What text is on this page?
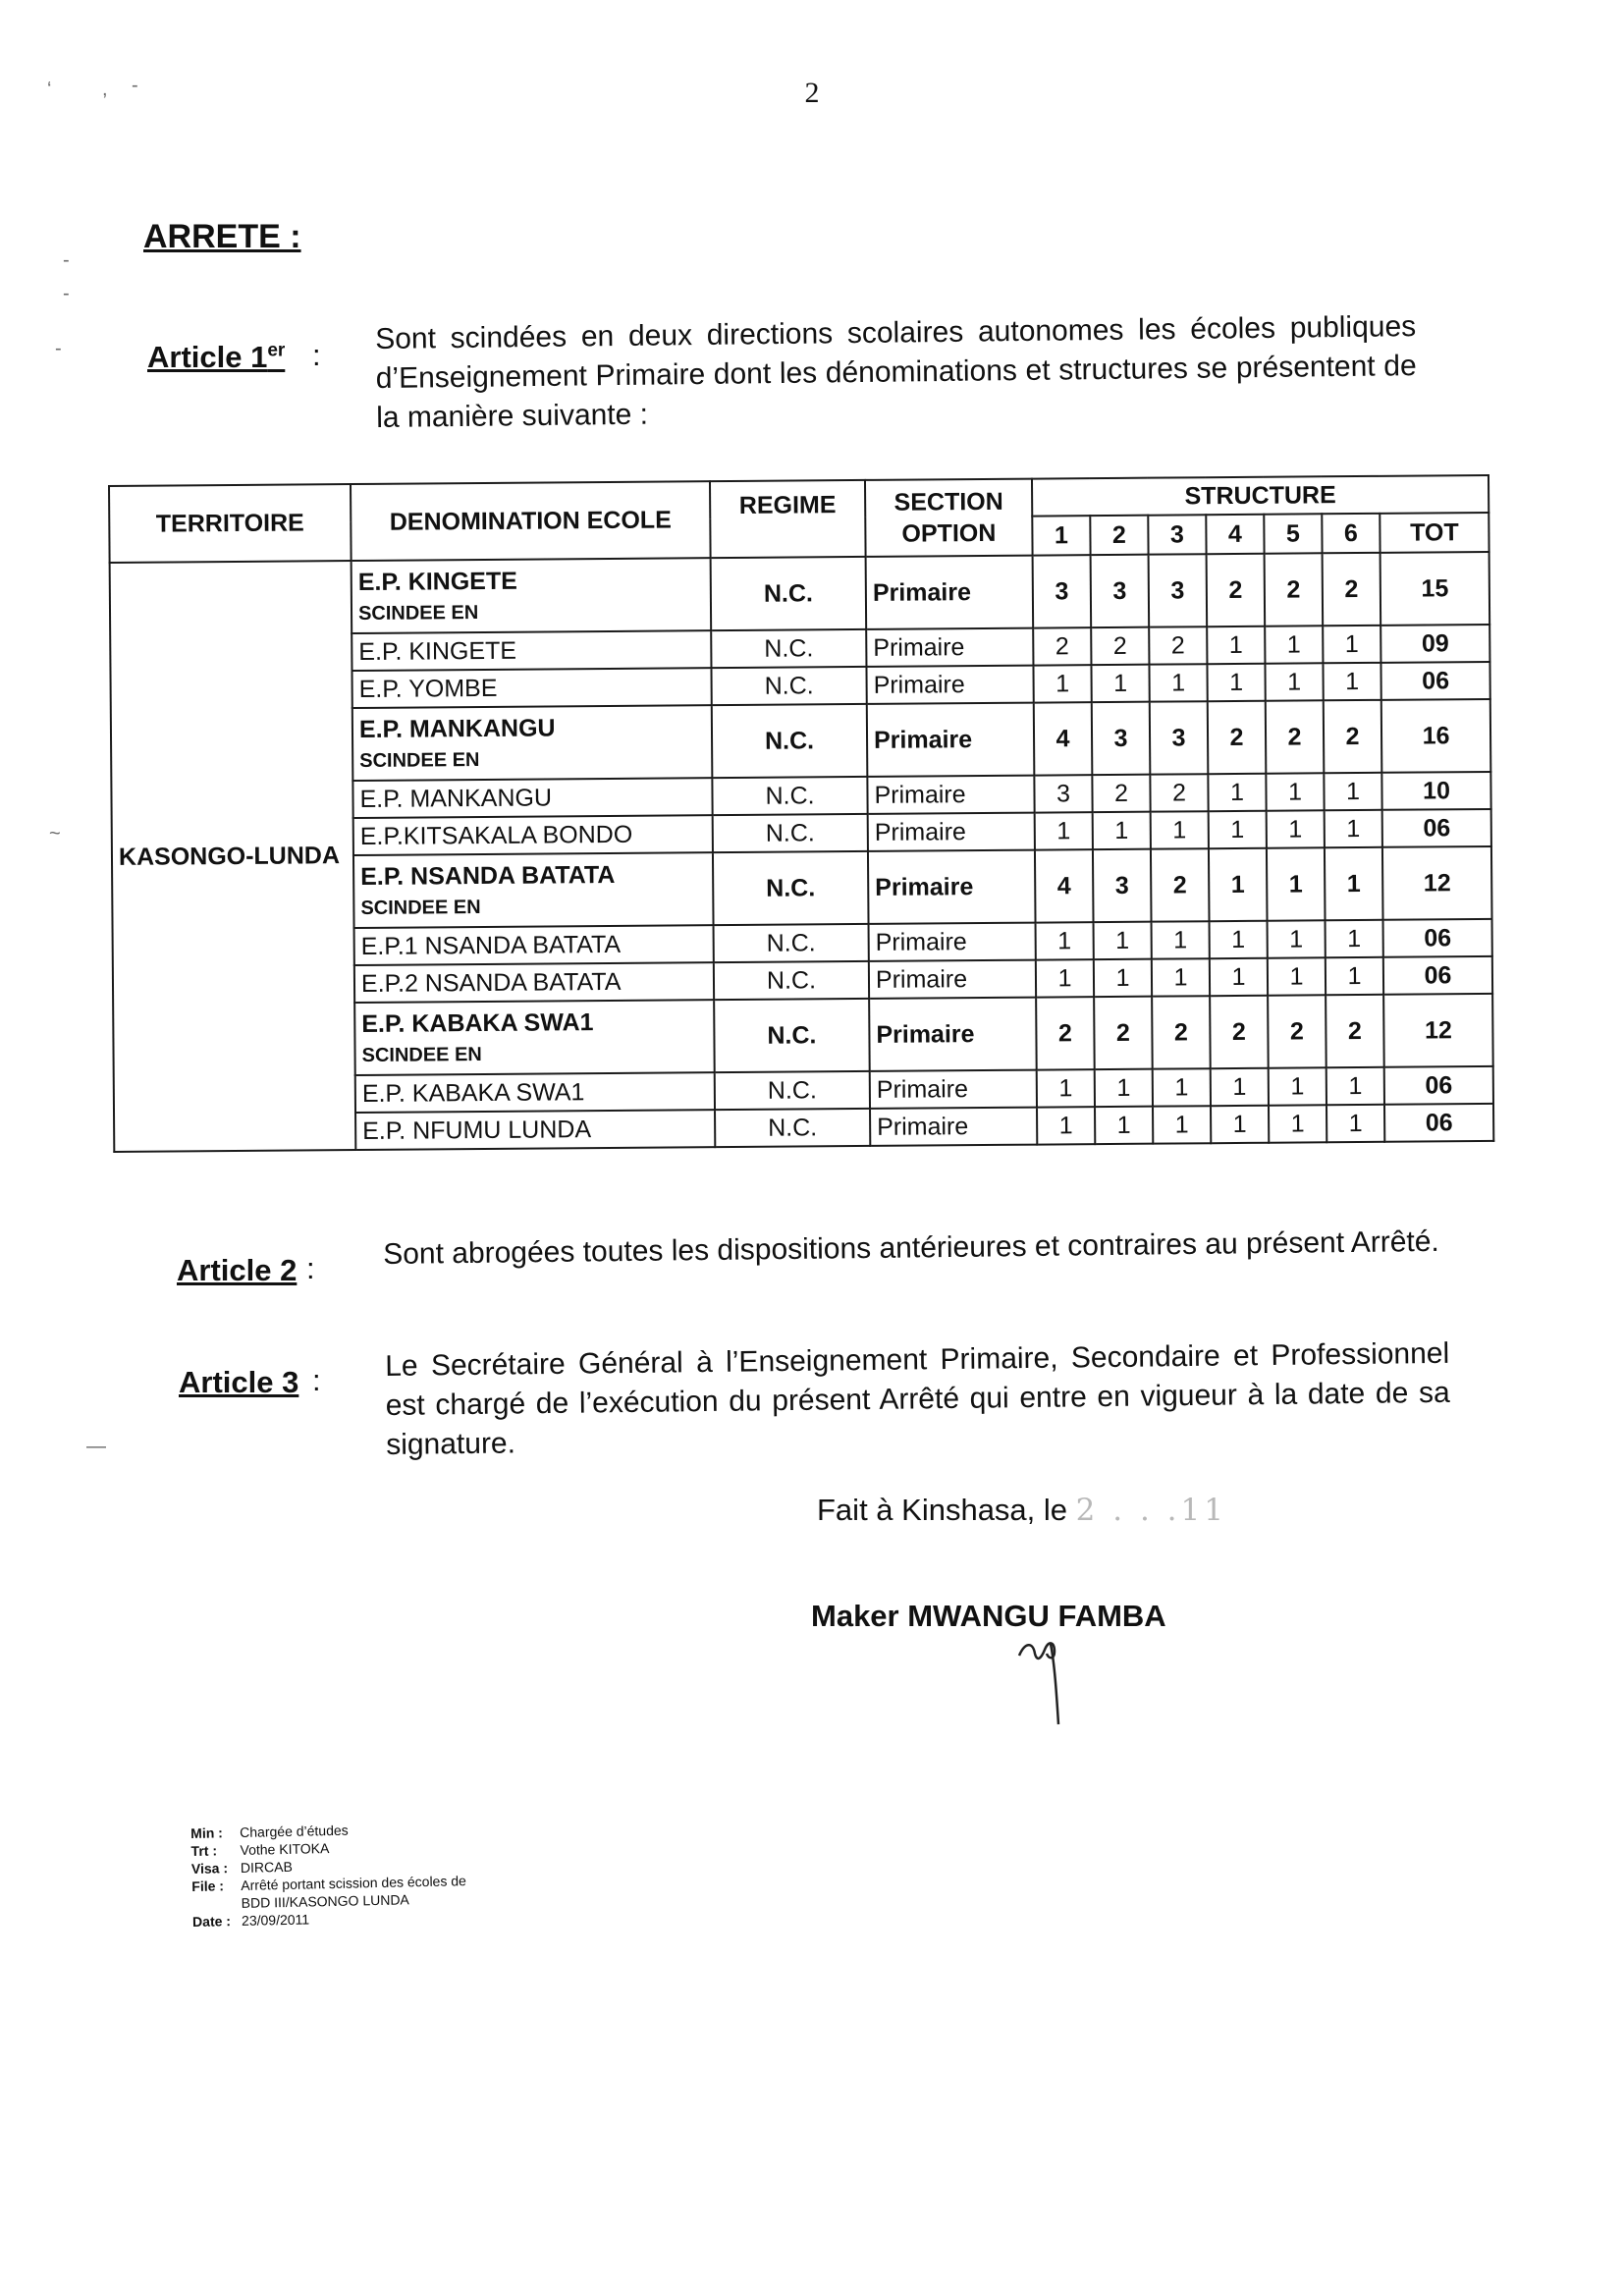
2
‘	, -
-
-
-
~
—
ARRETE :
Article 1er : Sont scindées en deux directions scolaires autonomes les écoles publiques d’Enseignement Primaire dont les dénominations et structures se présentent de la manière suivante :
TERRITOIRE	DENOMINATION ECOLE	REGIME	SECTION OPTION	STRUCTURE						
				1	2	3	4	5	6	TOT
KASONGO-LUNDA	E.P. KINGETE
SCINDEE EN	N.C.	Primaire	3	3	3	2	2	2	15

	E.P. KINGETE	N.C.	Primaire	2	2	2	1	1	1	09

	E.P. YOMBE	N.C.	Primaire	1	1	1	1	1	1	06

	E.P. MANKANGU
SCINDEE EN	N.C.	Primaire	4	3	3	2	2	2	16

	E.P. MANKANGU	N.C.	Primaire	3	2	2	1	1	1	10

	E.P.KITSAKALA BONDO	N.C.	Primaire	1	1	1	1	1	1	06

	E.P. NSANDA BATATA
SCINDEE EN	N.C.	Primaire	4	3	2	1	1	1	12

	E.P.1 NSANDA BATATA	N.C.	Primaire	1	1	1	1	1	1	06

	E.P.2 NSANDA BATATA	N.C.	Primaire	1	1	1	1	1	1	06

	E.P. KABAKA SWA1
SCINDEE EN	N.C.	Primaire	2	2	2	2	2	2	12

	E.P. KABAKA SWA1	N.C.	Primaire	1	1	1	1	1	1	06

	E.P. NFUMU LUNDA	N.C.	Primaire	1	1	1	1	1	1	06
Article 2 : Sont abrogées toutes les dispositions antérieures et contraires au présent Arrêté.
Article 3 : Le Secrétaire Général à l’Enseignement Primaire, Secondaire et Professionnel est chargé de l’exécution du présent Arrêté qui entre en vigueur à la date de sa signature.
Fait à Kinshasa, le 2 . . .11
Maker MWANGU FAMBA
Min : Chargée d’études
Trt : Vothe KITOKA
Visa : DIRCAB
File : Arrêté portant scission des écoles de
BDD III/KASONGO LUNDA
Date : 23/09/2011
